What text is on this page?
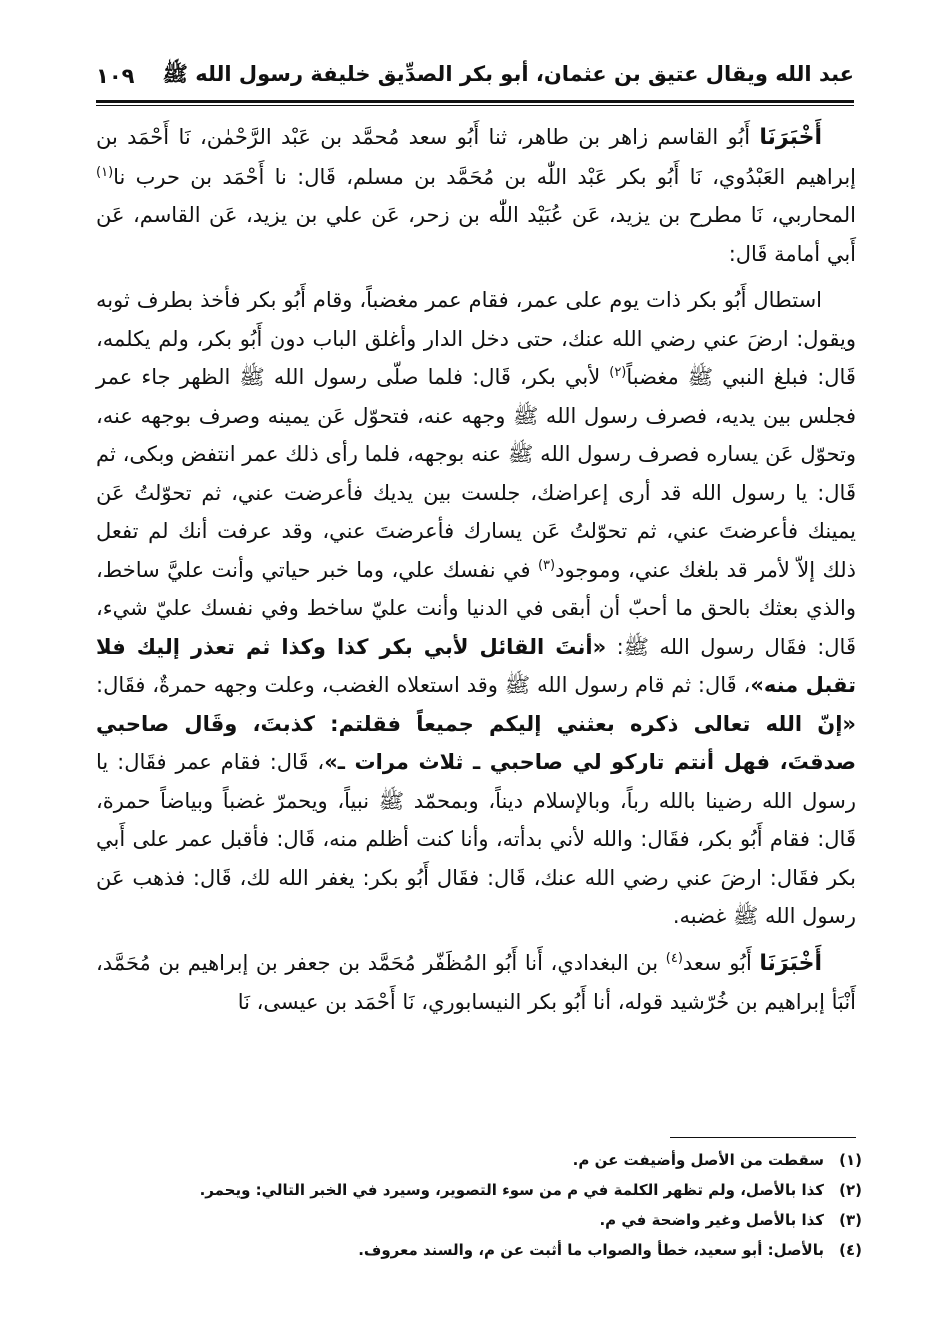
عبد الله ويقال عتيق بن عثمان، أبو بكر الصدِّيق خليفة رسول الله ﷺ
١٠٩

أَخْبَرَنَا أَبُو القاسم زاهر بن طاهر، ثنا أَبُو سعد مُحمَّد بن عَبْد الرَّحْمٰن، نَا أَحْمَد بن إبراهيم العَبْدُوي، نَا أَبُو بكر عَبْد اللّٰه بن مُحَمَّد بن مسلم، قَال: نا أَحْمَد بن حرب نا$^{(١)}$ المحاربي، نَا مطرح بن يزيد، عَن عُبَيْد اللّٰه بن زحر، عَن علي بن يزيد، عَن القاسم، عَن أَبي أمامة قَال:

استطال أَبُو بكر ذات يوم على عمر، فقام عمر مغضباً، وقام أَبُو بكر فأخذ بطرف ثوبه ويقول: ارضَ عني رضي الله عنك، حتى دخل الدار وأغلق الباب دون أَبُو بكر، ولم يكلمه، قَال: فبلغ النبي ﷺ مغضباً$^{(٢)}$ لأبي بكر، قَال: فلما صلّى رسول الله ﷺ الظهر جاء عمر فجلس بين يديه، فصرف رسول الله ﷺ وجهه عنه، فتحوّل عَن يمينه وصرف بوجهه عنه، وتحوّل عَن يساره فصرف رسول الله ﷺ عنه بوجهه، فلما رأى ذلك عمر انتفض وبكى، ثم قَال: يا رسول الله قد أرى إعراضك، جلست بين يديك فأعرضت عني، ثم تحوّلتُ عَن يمينك فأعرضتَ عني، ثم تحوّلتُ عَن يسارك فأعرضتَ عني، وقد عرفت أنك لم تفعل ذلك إلاّ لأمر قد بلغك عني، وموجود$^{(٣)}$ في نفسك علي، وما خبر حياتي وأنت عليَّ ساخط، والذي بعثك بالحق ما أحبّ أن أبقى في الدنيا وأنت عليّ ساخط وفي نفسك عليّ شيء، قَال: فقَال رسول الله ﷺ: «أنتَ القائل لأبي بكر كذا وكذا ثم تعذر إليك فلا تقبل منه»، قَال: ثم قام رسول الله ﷺ وقد استعلاه الغضب، وعلت وجهه حمرةٌ، فقَال: «إنّ الله تعالى ذكره بعثني إليكم جميعاً فقلتم: كذبتَ، وقَال صاحبي صدقتَ، فهل أنتم تاركو لي صاحبي ـ ثلاث مرات ـ»، قَال: فقام عمر فقَال: يا رسول الله رضينا بالله رباً، وبالإسلام ديناً، وبمحمّد ﷺ نبياً، ويحمرّ غضباً وبياضاً حمرة، قَال: فقام أَبُو بكر، فقَال: والله لأني بدأته، وأنا كنت أظلم منه، قَال: فأقبل عمر على أَبي بكر فقَال: ارضَ عني رضي الله عنك، قَال: فقَال أَبُو بكر: يغفر الله لك، قَال: فذهب عَن رسول الله ﷺ غضبه.

أَخْبَرَنَا أَبُو سعد$^{(٤)}$ بن البغدادي، أَنا أَبُو المُظَفّر مُحَمَّد بن جعفر بن إبراهيم بن مُحَمَّد، أَنْبَأ إبراهيم بن خُرّشيد قوله، أنا أَبُو بكر النيسابوري، نَا أَحْمَد بن عيسى، نَا

(١)
سقطت من الأصل وأضيفت عن م.
(٢)
كذا بالأصل، ولم تظهر الكلمة في م من سوء التصوير، وسيرد في الخبر التالي: ويحمر.
(٣)
كذا بالأصل وغير واضحة في م.
(٤)
بالأصل: أبو سعيد، خطأ والصواب ما أثبت عن م، والسند معروف.
